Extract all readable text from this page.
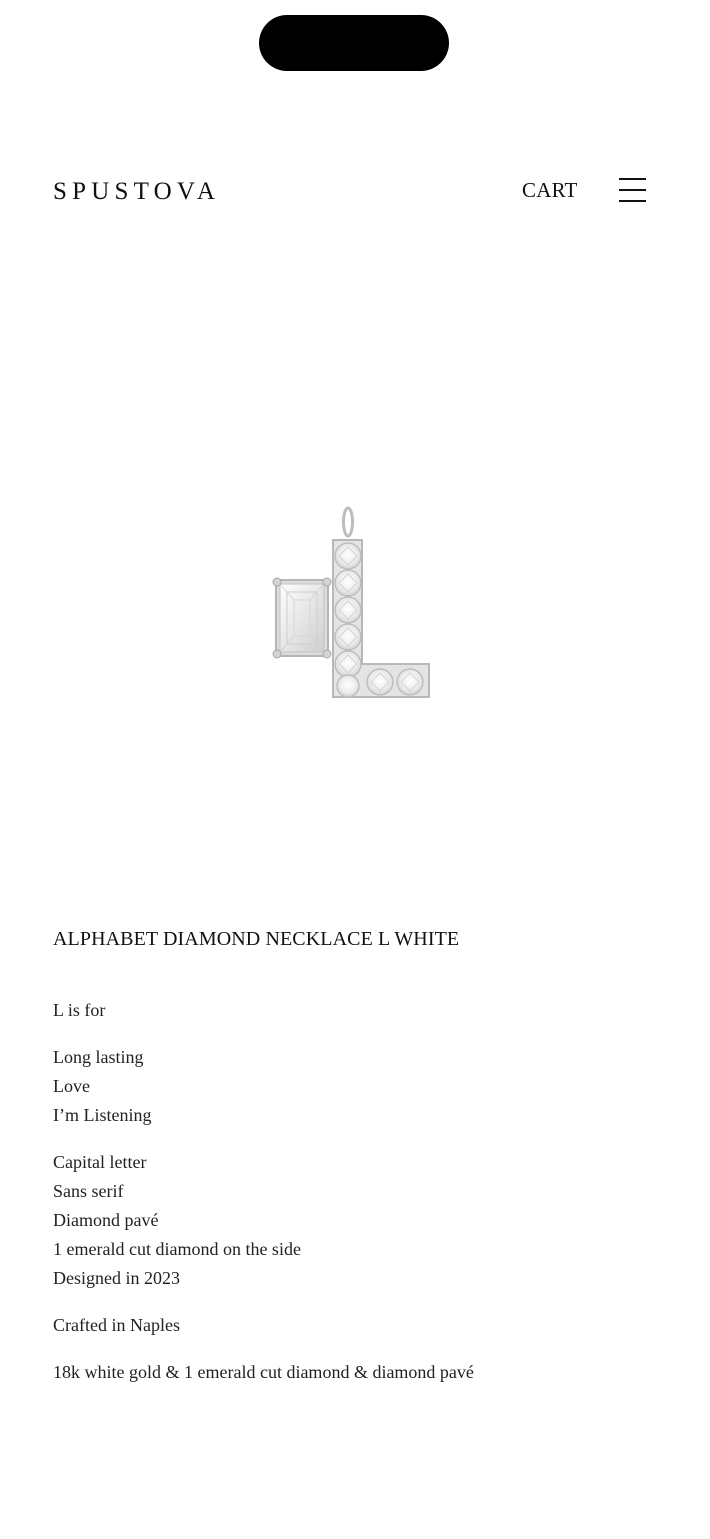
SPUSTOVA	CART
ALPHABET DIAMOND NECKLACE L WHITE

L is for

Long lasting
Love
I’m Listening

Capital letter
Sans serif
Diamond pavé
1 emerald cut diamond on the side
Designed in 2023

Crafted in Naples

18k white gold & 1 emerald cut diamond & diamond pavé
